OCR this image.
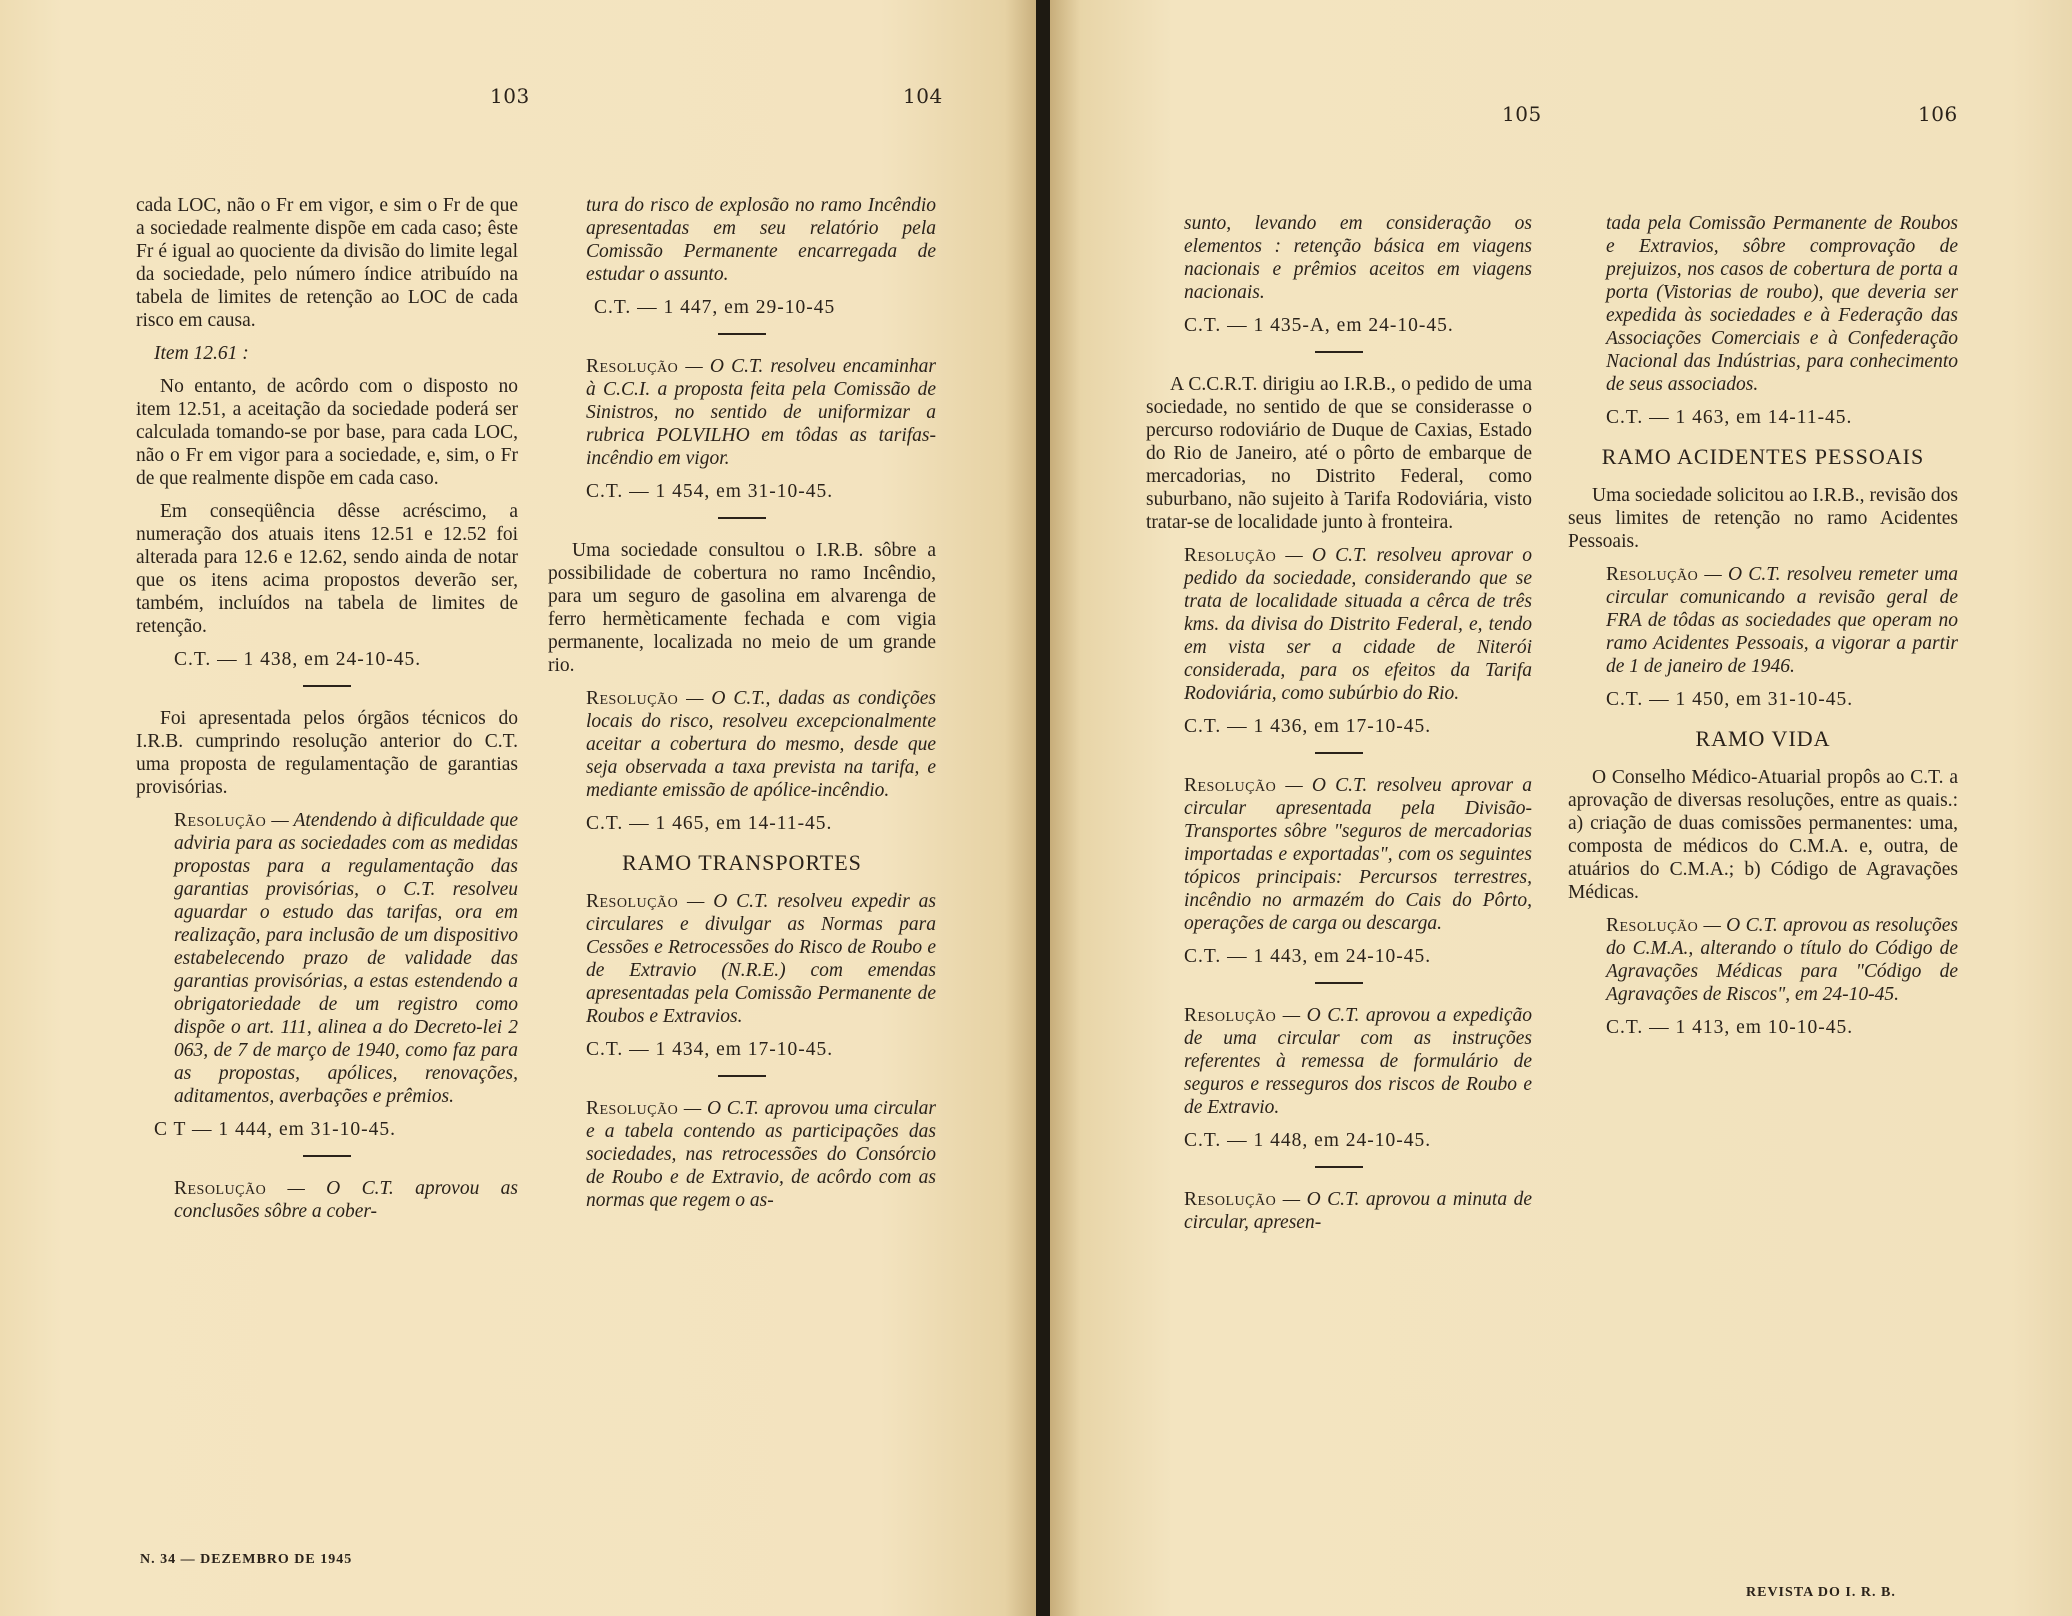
103	104

cada LOC, não o Fr em vigor, e sim o Fr de que a sociedade realmente dispõe em cada caso; êste Fr é igual ao quociente da divisão do limite legal da sociedade, pelo número índice atribuído na tabela de limites de retenção ao LOC de cada risco em causa.

Item 12.61 :

No entanto, de acôrdo com o disposto no item 12.51, a aceitação da sociedade poderá ser calculada tomando-se por base, para cada LOC, não o Fr em vigor para a sociedade, e, sim, o Fr de que realmente dispõe em cada caso.

Em conseqüência dêsse acréscimo, a numeração dos atuais itens 12.51 e 12.52 foi alterada para 12.6 e 12.62, sendo ainda de notar que os itens acima propostos deverão ser, também, incluídos na tabela de limites de retenção.

C.T. — 1 438, em 24-10-45.

Foi apresentada pelos órgãos técnicos do I.R.B. cumprindo resolução anterior do C.T. uma proposta de regulamentação de garantias provisórias.

Resolução — Atendendo à dificuldade que adviria para as sociedades com as medidas propostas para a regulamentação das garantias provisórias, o C.T. resolveu aguardar o estudo das tarifas, ora em realização, para inclusão de um dispositivo estabelecendo prazo de validade das garantias provisórias, a estas estendendo a obrigatoriedade de um registro como dispõe o art. 111, alinea a do Decreto-lei 2 063, de 7 de março de 1940, como faz para as propostas, apólices, renovações, aditamentos, averbações e prêmios.

C T — 1 444, em 31-10-45.

Resolução — O C.T. aprovou as conclusões sôbre a cober-

tura do risco de explosão no ramo Incêndio apresentadas em seu relatório pela Comissão Permanente encarregada de estudar o assunto.

C.T. — 1 447, em 29-10-45

Resolução — O C.T. resolveu encaminhar à C.C.I. a proposta feita pela Comissão de Sinistros, no sentido de uniformizar a rubrica POLVILHO em tôdas as tarifas-incêndio em vigor.

C.T. — 1 454, em 31-10-45.

Uma sociedade consultou o I.R.B. sôbre a possibilidade de cobertura no ramo Incêndio, para um seguro de gasolina em alvarenga de ferro hermèticamente fechada e com vigia permanente, localizada no meio de um grande rio.

Resolução — O C.T., dadas as condições locais do risco, resolveu excepcionalmente aceitar a cobertura do mesmo, desde que seja observada a taxa prevista na tarifa, e mediante emissão de apólice-incêndio.

C.T. — 1 465, em 14-11-45.

RAMO TRANSPORTES

Resolução — O C.T. resolveu expedir as circulares e divulgar as Normas para Cessões e Retrocessões do Risco de Roubo e de Extravio (N.R.E.) com emendas apresentadas pela Comissão Permanente de Roubos e Extravios.

C.T. — 1 434, em 17-10-45.

Resolução — O C.T. aprovou uma circular e a tabela contendo as participações das sociedades, nas retrocessões do Consórcio de Roubo e de Extravio, de acôrdo com as normas que regem o as-

N. 34 — DEZEMBRO DE 1945
105	106

sunto, levando em consideração os elementos : retenção básica em viagens nacionais e prêmios aceitos em viagens nacionais.

C.T. — 1 435-A, em 24-10-45.

A C.C.R.T. dirigiu ao I.R.B., o pedido de uma sociedade, no sentido de que se considerasse o percurso rodoviário de Duque de Caxias, Estado do Rio de Janeiro, até o pôrto de embarque de mercadorias, no Distrito Federal, como suburbano, não sujeito à Tarifa Rodoviária, visto tratar-se de localidade junto à fronteira.

Resolução — O C.T. resolveu aprovar o pedido da sociedade, considerando que se trata de localidade situada a cêrca de três kms. da divisa do Distrito Federal, e, tendo em vista ser a cidade de Niterói considerada, para os efeitos da Tarifa Rodoviária, como subúrbio do Rio.

C.T. — 1 436, em 17-10-45.

Resolução — O C.T. resolveu aprovar a circular apresentada pela Divisão-Transportes sôbre "seguros de mercadorias importadas e exportadas", com os seguintes tópicos principais: Percursos terrestres, incêndio no armazém do Cais do Pôrto, operações de carga ou descarga.

C.T. — 1 443, em 24-10-45.

Resolução — O C.T. aprovou a expedição de uma circular com as instruções referentes à remessa de formulário de seguros e resseguros dos riscos de Roubo e de Extravio.

C.T. — 1 448, em 24-10-45.

Resolução — O C.T. aprovou a minuta de circular, apresen-

tada pela Comissão Permanente de Roubos e Extravios, sôbre comprovação de prejuizos, nos casos de cobertura de porta a porta (Vistorias de roubo), que deveria ser expedida às sociedades e à Federação das Associações Comerciais e à Confederação Nacional das Indústrias, para conhecimento de seus associados.

C.T. — 1 463, em 14-11-45.

RAMO ACIDENTES PESSOAIS

Uma sociedade solicitou ao I.R.B., revisão dos seus limites de retenção no ramo Acidentes Pessoais.

Resolução — O C.T. resolveu remeter uma circular comunicando a revisão geral de FRA de tôdas as sociedades que operam no ramo Acidentes Pessoais, a vigorar a partir de 1 de janeiro de 1946.

C.T. — 1 450, em 31-10-45.

RAMO VIDA

O Conselho Médico-Atuarial propôs ao C.T. a aprovação de diversas resoluções, entre as quais.: a) criação de duas comissões permanentes: uma, composta de médicos do C.M.A. e, outra, de atuários do C.M.A.; b) Código de Agravações Médicas.

Resolução — O C.T. aprovou as resoluções do C.M.A., alterando o título do Código de Agravações Médicas para "Código de Agravações de Riscos", em 24-10-45.

C.T. — 1 413, em 10-10-45.

REVISTA DO I. R. B.
